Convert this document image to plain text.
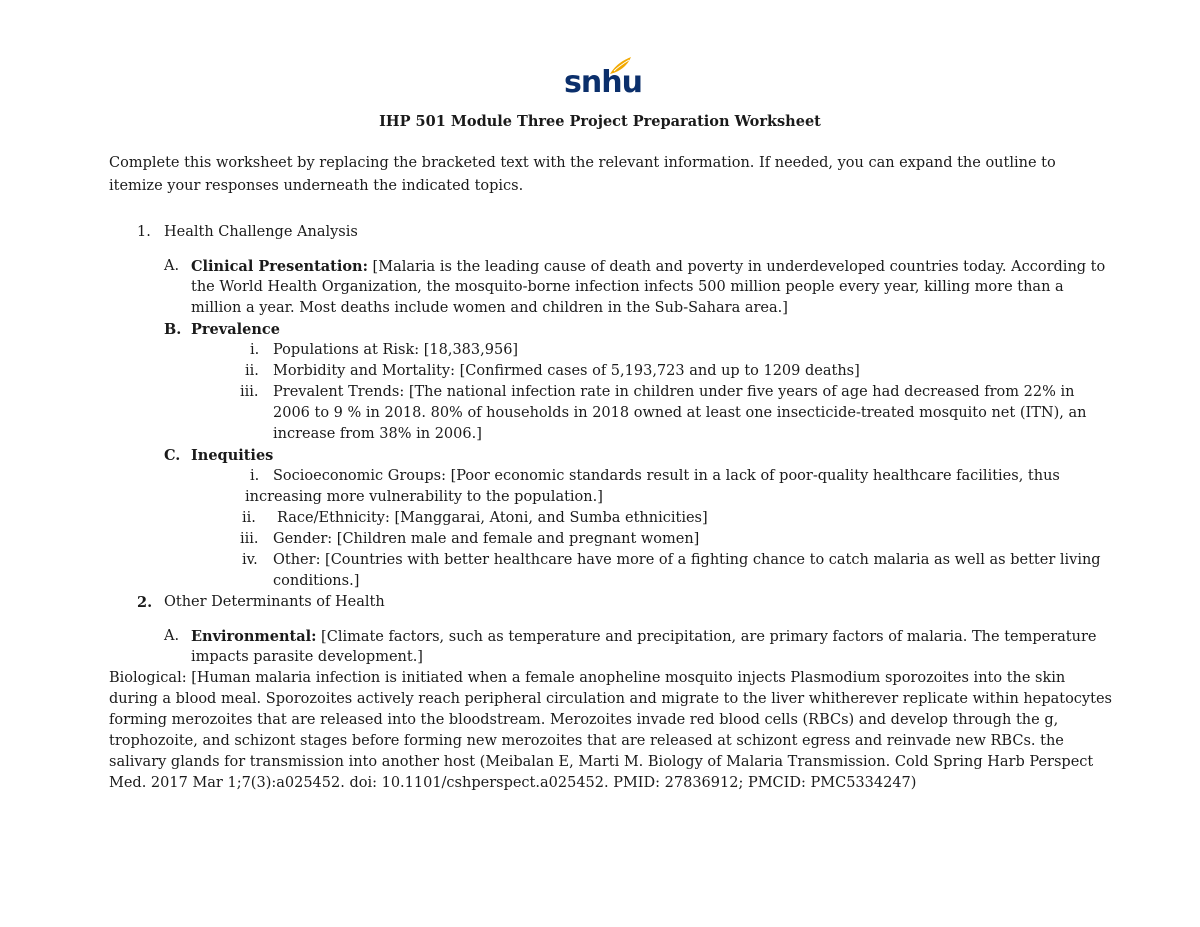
snhu
IHP 501 Module Three Project Preparation Worksheet
Complete this worksheet by replacing the bracketed text with the relevant information. If needed, you can expand the outline to
itemize your responses underneath the indicated topics.
1. Health Challenge Analysis
A. Clinical Presentation: [Malaria is the leading cause of death and poverty in underdeveloped countries today. According to
the World Health Organization, the mosquito-borne infection infects 500 million people every year, killing more than a
million a year. Most deaths include women and children in the Sub-Sahara area.]
B. Prevalence
i. Populations at Risk: [18,383,956]
ii. Morbidity and Mortality: [Confirmed cases of 5,193,723 and up to 1209 deaths]
iii. Prevalent Trends: [The national infection rate in children under five years of age had decreased from 22% in
2006 to 9 % in 2018. 80% of households in 2018 owned at least one insecticide-treated mosquito net (ITN), an
increase from 38% in 2006.]
C. Inequities
i. Socioeconomic Groups: [Poor economic standards result in a lack of poor-quality healthcare facilities, thus
increasing more vulnerability to the population.]
ii. Race/Ethnicity: [Manggarai, Atoni, and Sumba ethnicities]
iii. Gender: [Children male and female and pregnant women]
iv. Other: [Countries with better healthcare have more of a fighting chance to catch malaria as well as better living
conditions.]
2. Other Determinants of Health
A. Environmental: [Climate factors, such as temperature and precipitation, are primary factors of malaria. The temperature
impacts parasite development.]
Biological: [Human malaria infection is initiated when a female anopheline mosquito injects Plasmodium sporozoites into the skin
during a blood meal. Sporozoites actively reach peripheral circulation and migrate to the liver whitherever replicate within hepatocytes
forming merozoites that are released into the bloodstream. Merozoites invade red blood cells (RBCs) and develop through the g,
trophozoite, and schizont stages before forming new merozoites that are released at schizont egress and reinvade new RBCs. the
salivary glands for transmission into another host (Meibalan E, Marti M. Biology of Malaria Transmission. Cold Spring Harb Perspect
Med. 2017 Mar 1;7(3):a025452. doi: 10.1101/cshperspect.a025452. PMID: 27836912; PMCID: PMC5334247)
